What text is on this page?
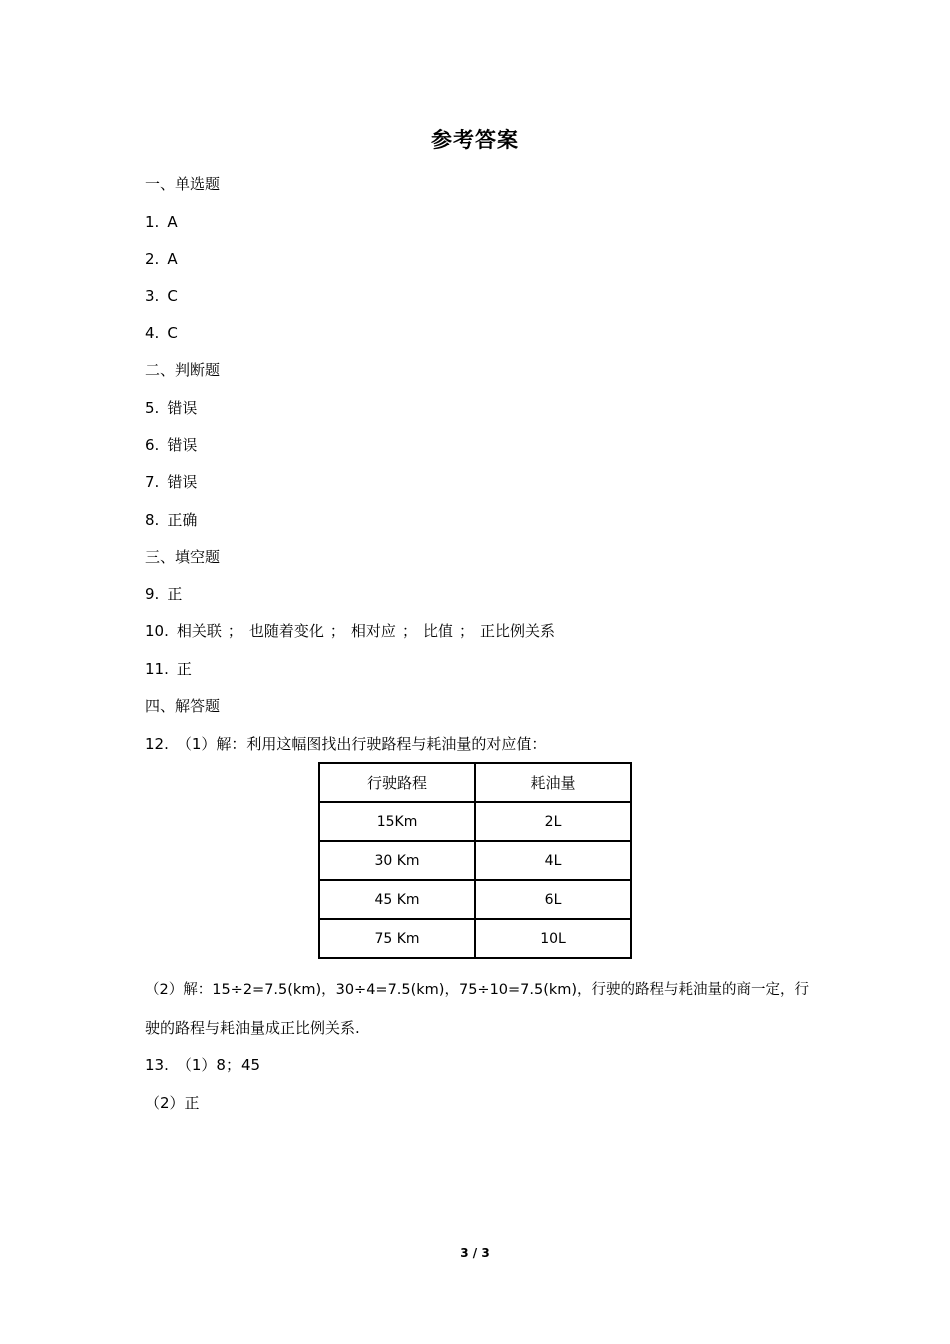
参考答案
一、单选题
1. A
2. A
3. C
4. C
二、判断题
5. 错误
6. 错误
7. 错误
8. 正确
三、填空题
9. 正
10. 相关联 ； 也随着变化 ； 相对应 ； 比值 ； 正比例关系
11. 正
四、解答题
12. （1）解：利用这幅图找出行驶路程与耗油量的对应值：
行驶路程	耗油量
15Km	2L
30 Km	4L
45 Km	6L
75 Km	10L
（2）解：15÷2=7.5(km)，30÷4=7.5(km)，75÷10=7.5(km)，行驶的路程与耗油量的商一定，行
驶的路程与耗油量成正比例关系.
13. （1）8；45
（2）正
3 / 3
